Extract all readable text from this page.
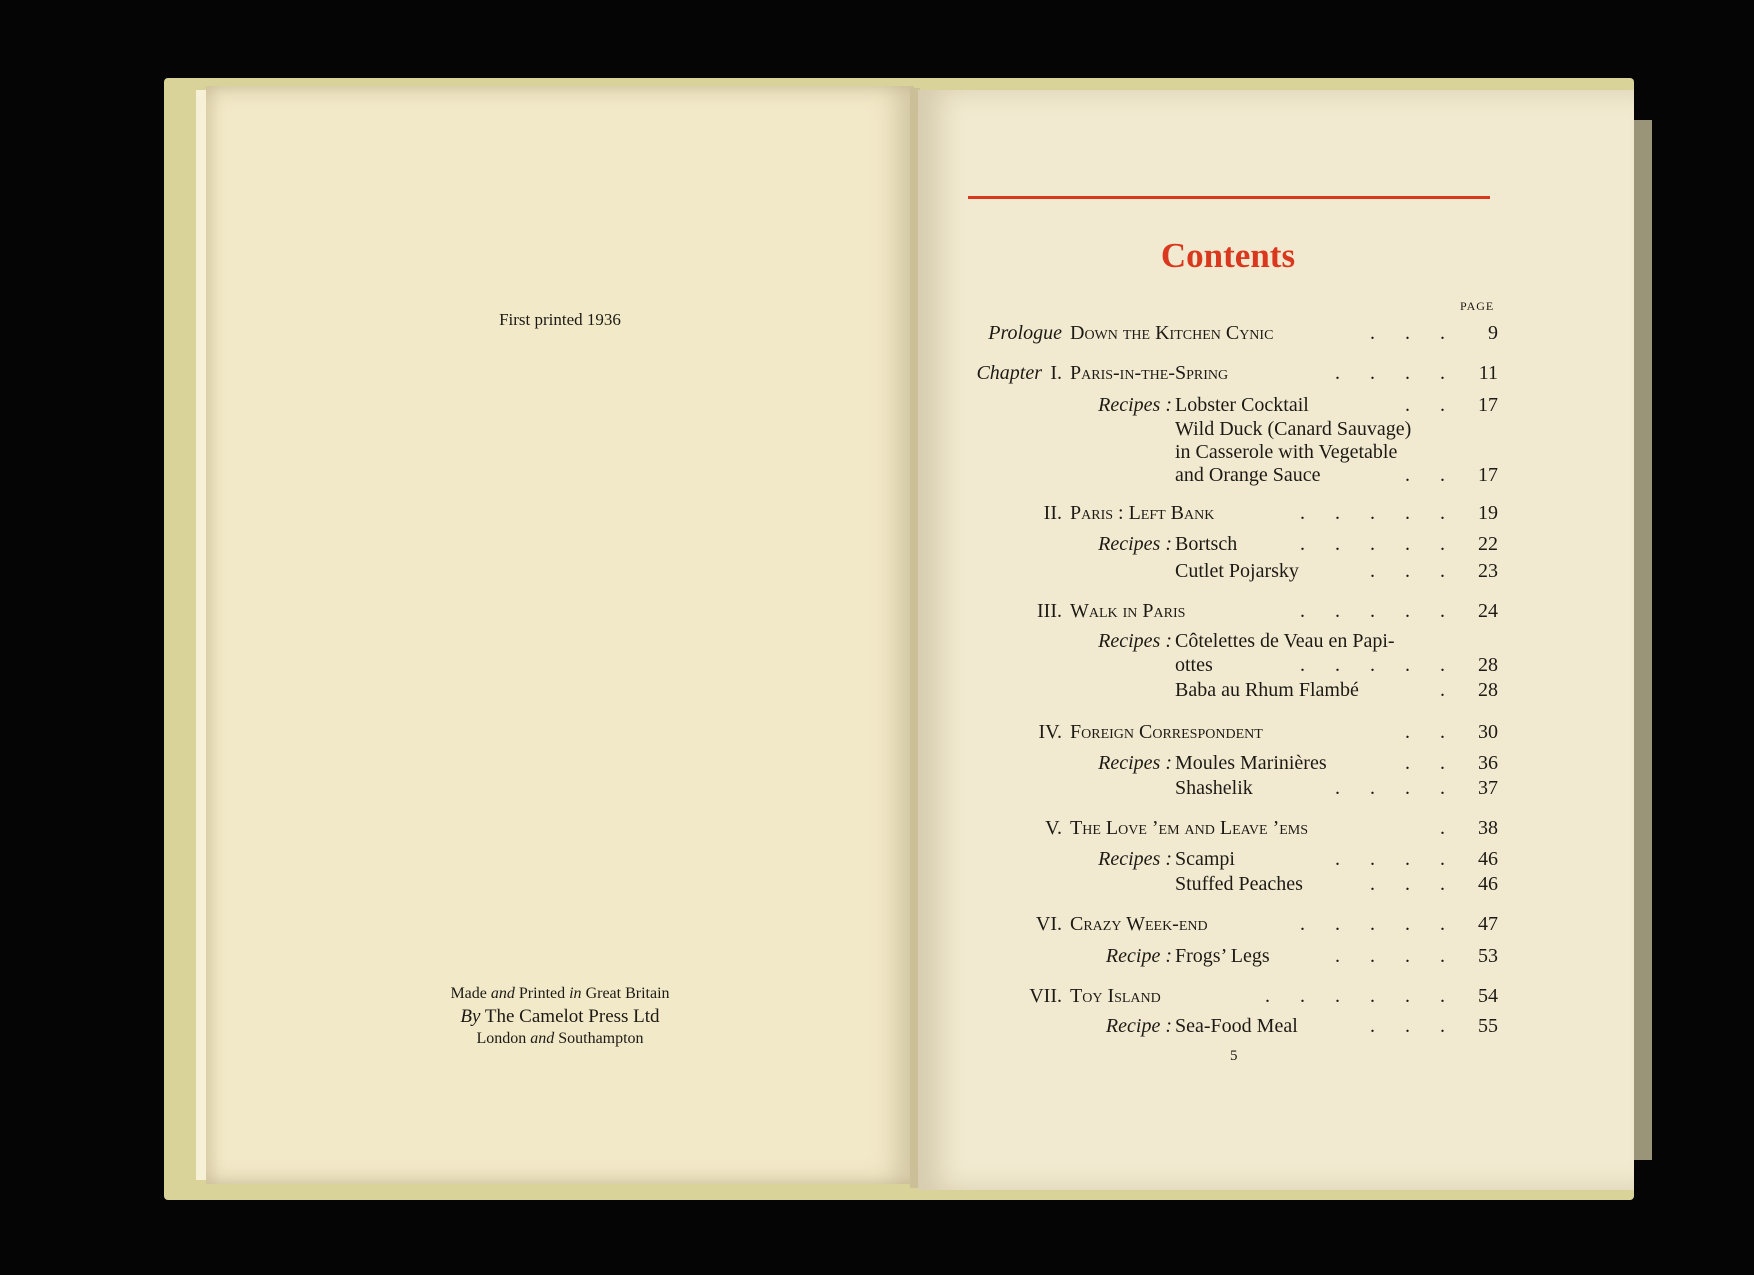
First printed 1936
Made and Printed in Great Britain
By The Camelot Press Ltd
London and Southampton
Contents
PAGE
Prologue Down the Kitchen Cynic	.  .  .	9
Chapter I. Paris-in-the-Spring	.  .  .  .	11
Recipes : Lobster Cocktail	.  .	17
Wild Duck (Canard Sauvage)
in Casserole with Vegetable
and Orange Sauce	.  .	17
II. Paris : Left Bank	.  .  .  .  .	19
Recipes : Bortsch	.  .  .  .  .	22
Cutlet Pojarsky	.  .  .	23
III. Walk in Paris	.  .  .  .  .	24
Recipes : Côtelettes de Veau en Papi-
ottes	.  .  .  .  .	28
Baba au Rhum Flambé	.	28
IV. Foreign Correspondent	.  .	30
Recipes : Moules Marinières	.  .	36
Shashelik	.  .  .  .	37
V. The Love ’em and Leave ’ems	.	38
Recipes : Scampi	.  .  .  .	46
Stuffed Peaches	.  .  .	46
VI. Crazy Week-end	.  .  .  .  .	47
Recipe : Frogs’ Legs	.  .  .  .	53
VII. Toy Island	.  .  .  .  .  .	54
Recipe : Sea-Food Meal	.  .  .	55
5
